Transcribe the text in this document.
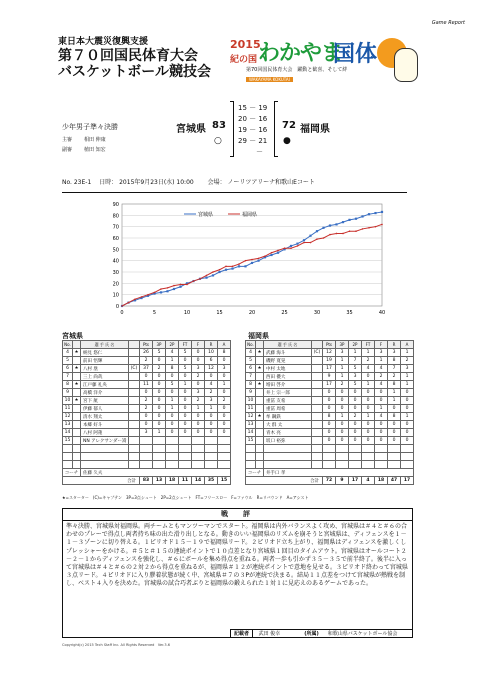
Game Report
東日本大震災復興支援
第７０回国民体育大会
バスケットボール競技会
2015
紀の国 わかやま
国体
第70回国民体育大会　 躍動と歓喜、そして絆
WAKAYAMA KOKUTAI
少年男子準々決勝
主審 相田 伸康
副審 植田 知宏
宮城県 83
○
15 － 19
20 － 16
19 － 16
29 － 21
－
72 福岡県
●
No. 23E-1　 日時： 2015年9月23日(水) 10:00　　 会場： ノーリツアリーナ和歌山Eコート
0
10
20
30
40
50
60
70
80
90
0	5	10	15	20	25	30	35	40
宮城県	福岡県
宮城県	福岡県
No.		選 手 氏 名		Pts	3P	2P	FT	F	R	A
4	★	納見 悠仁		26	5	4	5	0	10	8
5		前田 悟輝		2	0	1	0	0	6	0
6	★	八村 塁	(C)	37	2	8	5	3	12	3
7		三上 尚哉		0	0	0	0	2	0	0
8	★	江戸藤 礼央		11	0	5	1	0	4	1
9		高橋 洋介		0	0	0	0	3	2	0
10	★	宮下 航		2	0	1	0	2	3	2
11		伊藤 郁人		2	0	1	0	1	1	0
12		清水 翔太		0	0	0	0	0	0	0
13		本郷 好斗		0	0	0	0	0	0	0
14		八村 阿蓮		3	1	0	0	0	0	0
15		NN アレクサンダー嵩								

コーチ		佐藤 久夫								
合計				83	13	18	11	14	35	15
No.		選 手 氏 名		Pts	3P	2P	FT	F	R	A
4	★	武藤 海斗	(C)	12	3	1	1	3	3	1
5		磯野 寛晃		19	1	7	2	1	8	2
6	★	中村 太地		17	1	5	4	4	7	3
7		西田 優大		9	1	3	0	2	2	1
8	★	増田 啓介		17	2	5	1	4	8	1
9		井上 宗一郎		0	0	0	0	0	1	0
10		重冨 友希		0	0	0	0	0	1	0
11		重冨 周希		0	0	0	0	1	0	0
12	★	牟 鋼鉄		8	1	2	1	4	8	1
13		大 群 太		0	0	0	0	0	0	0
14		青木 亮		0	0	0	0	0	0	0
15		坂口 裕弥		0	0	0	0	0	0	0

コーチ		井手口 孝								
合計				72	9	17	4	18	47	17
★=スターター　(C)=キャプテン　3P=3点シュート　2P=2点シュート　FT=フリースロー　F=ファウル　R=リバウンド　A=アシスト
戦　評
準々決勝、宮城県対福岡県。両チームともマンツーマンでスタート。福岡県は内外バランスよく攻め、宮城県は＃４と＃６の合わせのプレーで得点し両者持ち味の出た滑り出しとなる。動きのいい福岡県のリズムを崩そうと宮城県は、ディフェンスを１－１－３ゾーンに切り替える。１ピリオド１５－１９で福岡県リード。２ピリオド立ち上がり、福岡県はディフェンスを激しくしプレッシャーをかける。＃５と＃１５の連続ポイントで１０点差となり宮城県１回目のタイムアウト。宮城県はオールコート２－２－１からディフェンスを強化し、＃６にボールを集め得点を重ねる。両者一歩も引かず３５－３５で前半終了。後半に入って宮城県は＃４と＃６の２対２から得点を重ねるが、福岡県＃１２が連続ポイントで意地を見せる。３ピリオド終わって宮城県３点リード。４ピリオドに入り膠着状態が続く中、宮城県＃７の３Pが連続で決まる。結局１１点差をつけて宮城県が熱戦を制し、ベスト４入りを決めた。宮城県の試合巧者ぶりと福岡県の鍛えられた１対１に見応えのあるゲームであった。
記載者 武田 俊幸	(所属) 和歌山県バスケットボール協会
Copyright(c) 2015 Tech Staff Inc. All Rights Reserved　Ver.3.6
